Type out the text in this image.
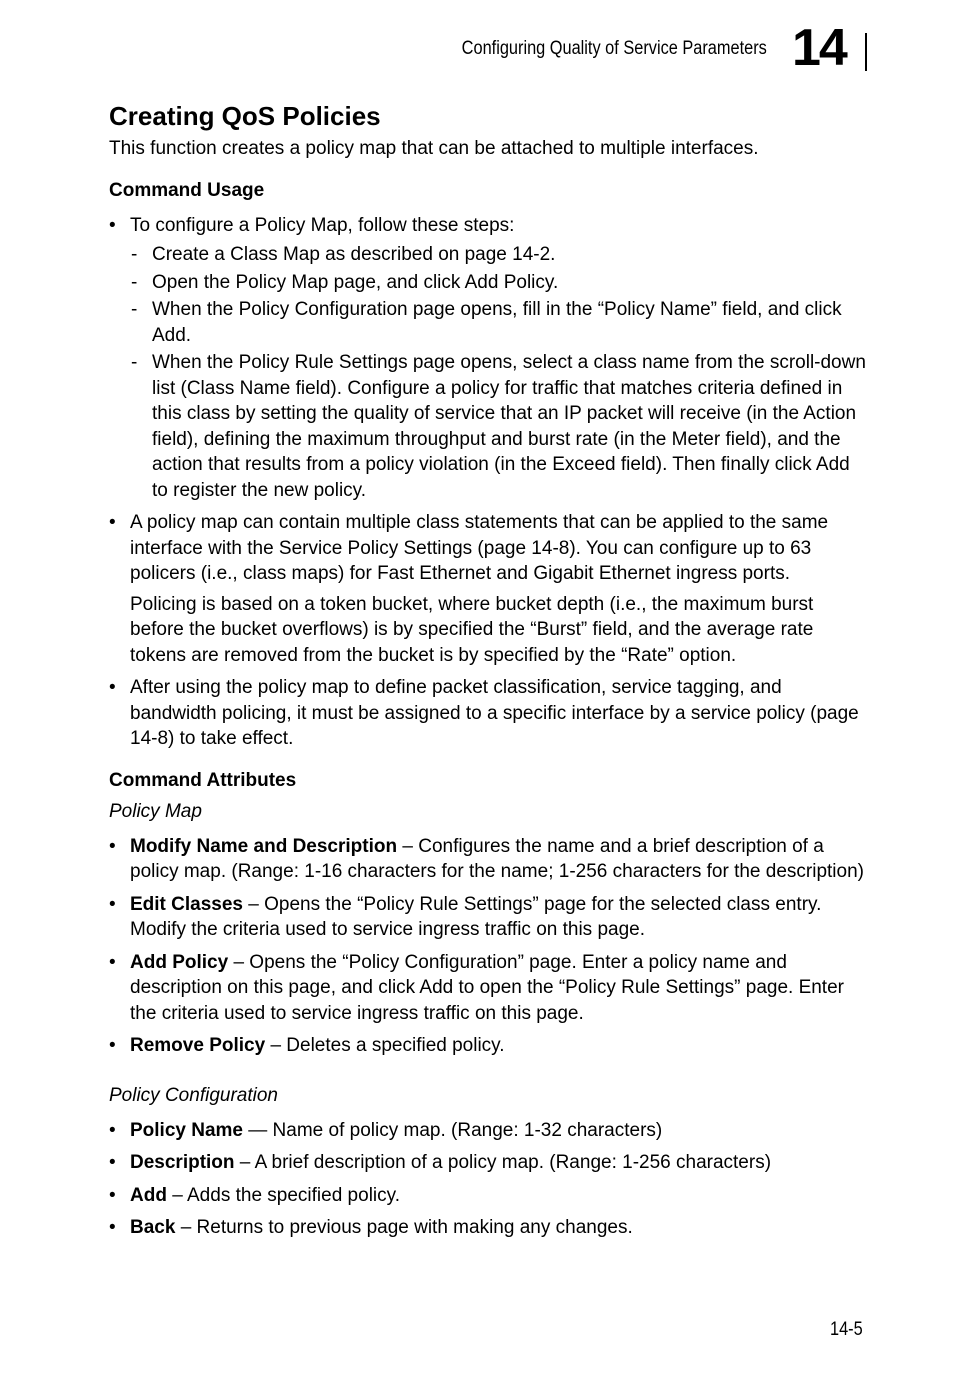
Configuring Quality of Service Parameters 14
Creating QoS Policies

This function creates a policy map that can be attached to multiple interfaces.

Command Usage
• To configure a Policy Map, follow these steps:
- Create a Class Map as described on page 14-2.
- Open the Policy Map page, and click Add Policy.
- When the Policy Configuration page opens, fill in the “Policy Name” field, and click Add.
- When the Policy Rule Settings page opens, select a class name from the scroll-down list (Class Name field). Configure a policy for traffic that matches criteria defined in this class by setting the quality of service that an IP packet will receive (in the Action field), defining the maximum throughput and burst rate (in the Meter field), and the action that results from a policy violation (in the Exceed field). Then finally click Add to register the new policy.
• A policy map can contain multiple class statements that can be applied to the same interface with the Service Policy Settings (page 14-8). You can configure up to 63 policers (i.e., class maps) for Fast Ethernet and Gigabit Ethernet ingress ports.

Policing is based on a token bucket, where bucket depth (i.e., the maximum burst before the bucket overflows) is by specified the “Burst” field, and the average rate tokens are removed from the bucket is by specified by the “Rate” option.

• After using the policy map to define packet classification, service tagging, and bandwidth policing, it must be assigned to a specific interface by a service policy (page 14-8) to take effect.
Command Attributes
Policy Map
• Modify Name and Description – Configures the name and a brief description of a policy map. (Range: 1-16 characters for the name; 1-256 characters for the description)
• Edit Classes – Opens the “Policy Rule Settings” page for the selected class entry. Modify the criteria used to service ingress traffic on this page.
• Add Policy – Opens the “Policy Configuration” page. Enter a policy name and description on this page, and click Add to open the “Policy Rule Settings” page. Enter the criteria used to service ingress traffic on this page.
• Remove Policy – Deletes a specified policy.
Policy Configuration
• Policy Name — Name of policy map. (Range: 1-32 characters)
• Description – A brief description of a policy map. (Range: 1-256 characters)
• Add – Adds the specified policy.
• Back – Returns to previous page with making any changes.
14-5
